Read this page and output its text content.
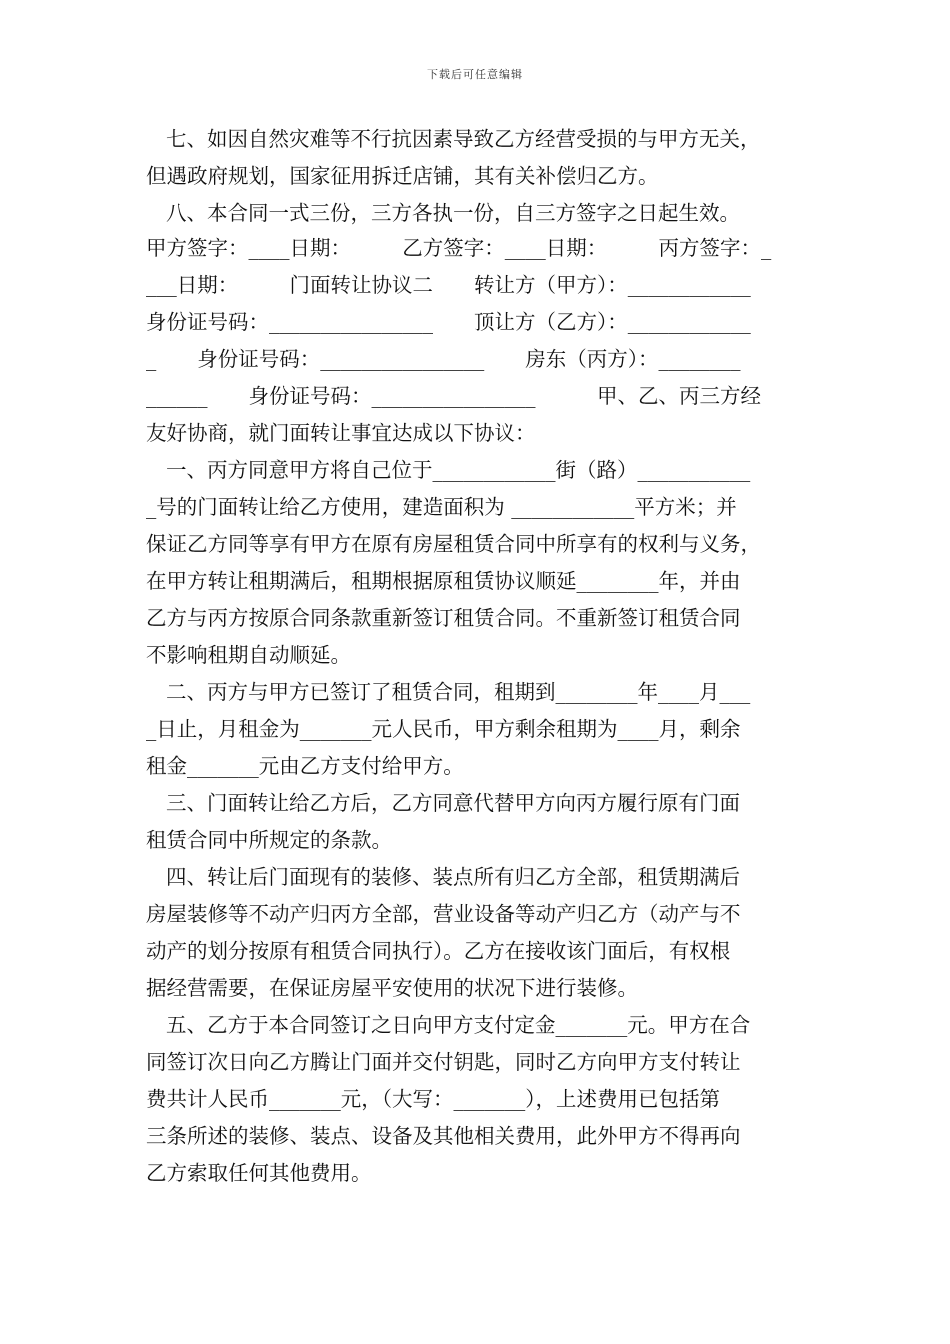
下载后可任意编辑
七、如因自然灾难等不行抗因素导致乙方经营受损的与甲方无关，
但遇政府规划，国家征用拆迁店铺，其有关补偿归乙方。
八、本合同一式三份，三方各执一份，自三方签字之日起生效。
甲方签字：____日期：　　　乙方签字：____日期：　　　丙方签字：_
___日期：　　　门面转让协议二　　转让方（甲方）：____________
身份证号码：________________　　顶让方（乙方）：____________
_　　身份证号码：________________　　房东（丙方）：________
______　　身份证号码：________________　　　甲、乙、丙三方经
友好协商，就门面转让事宜达成以下协议：
一、丙方同意甲方将自己位于____________街（路）___________
_号的门面转让给乙方使用，建造面积为 ____________平方米；并
保证乙方同等享有甲方在原有房屋租赁合同中所享有的权利与义务，
在甲方转让租期满后，租期根据原租赁协议顺延________年，并由
乙方与丙方按原合同条款重新签订租赁合同。不重新签订租赁合同
不影响租期自动顺延。
二、丙方与甲方已签订了租赁合同，租期到________年____月___
_日止，月租金为_______元人民币，甲方剩余租期为____月，剩余
租金_______元由乙方支付给甲方。
三、门面转让给乙方后，乙方同意代替甲方向丙方履行原有门面
租赁合同中所规定的条款。
四、转让后门面现有的装修、装点所有归乙方全部，租赁期满后
房屋装修等不动产归丙方全部，营业设备等动产归乙方（动产与不
动产的划分按原有租赁合同执行）。乙方在接收该门面后，有权根
据经营需要，在保证房屋平安使用的状况下进行装修。
五、乙方于本合同签订之日向甲方支付定金_______元。甲方在合
同签订次日向乙方腾让门面并交付钥匙，同时乙方向甲方支付转让
费共计人民币_______元，（大写：_______），上述费用已包括第
三条所述的装修、装点、设备及其他相关费用，此外甲方不得再向
乙方索取任何其他费用。
